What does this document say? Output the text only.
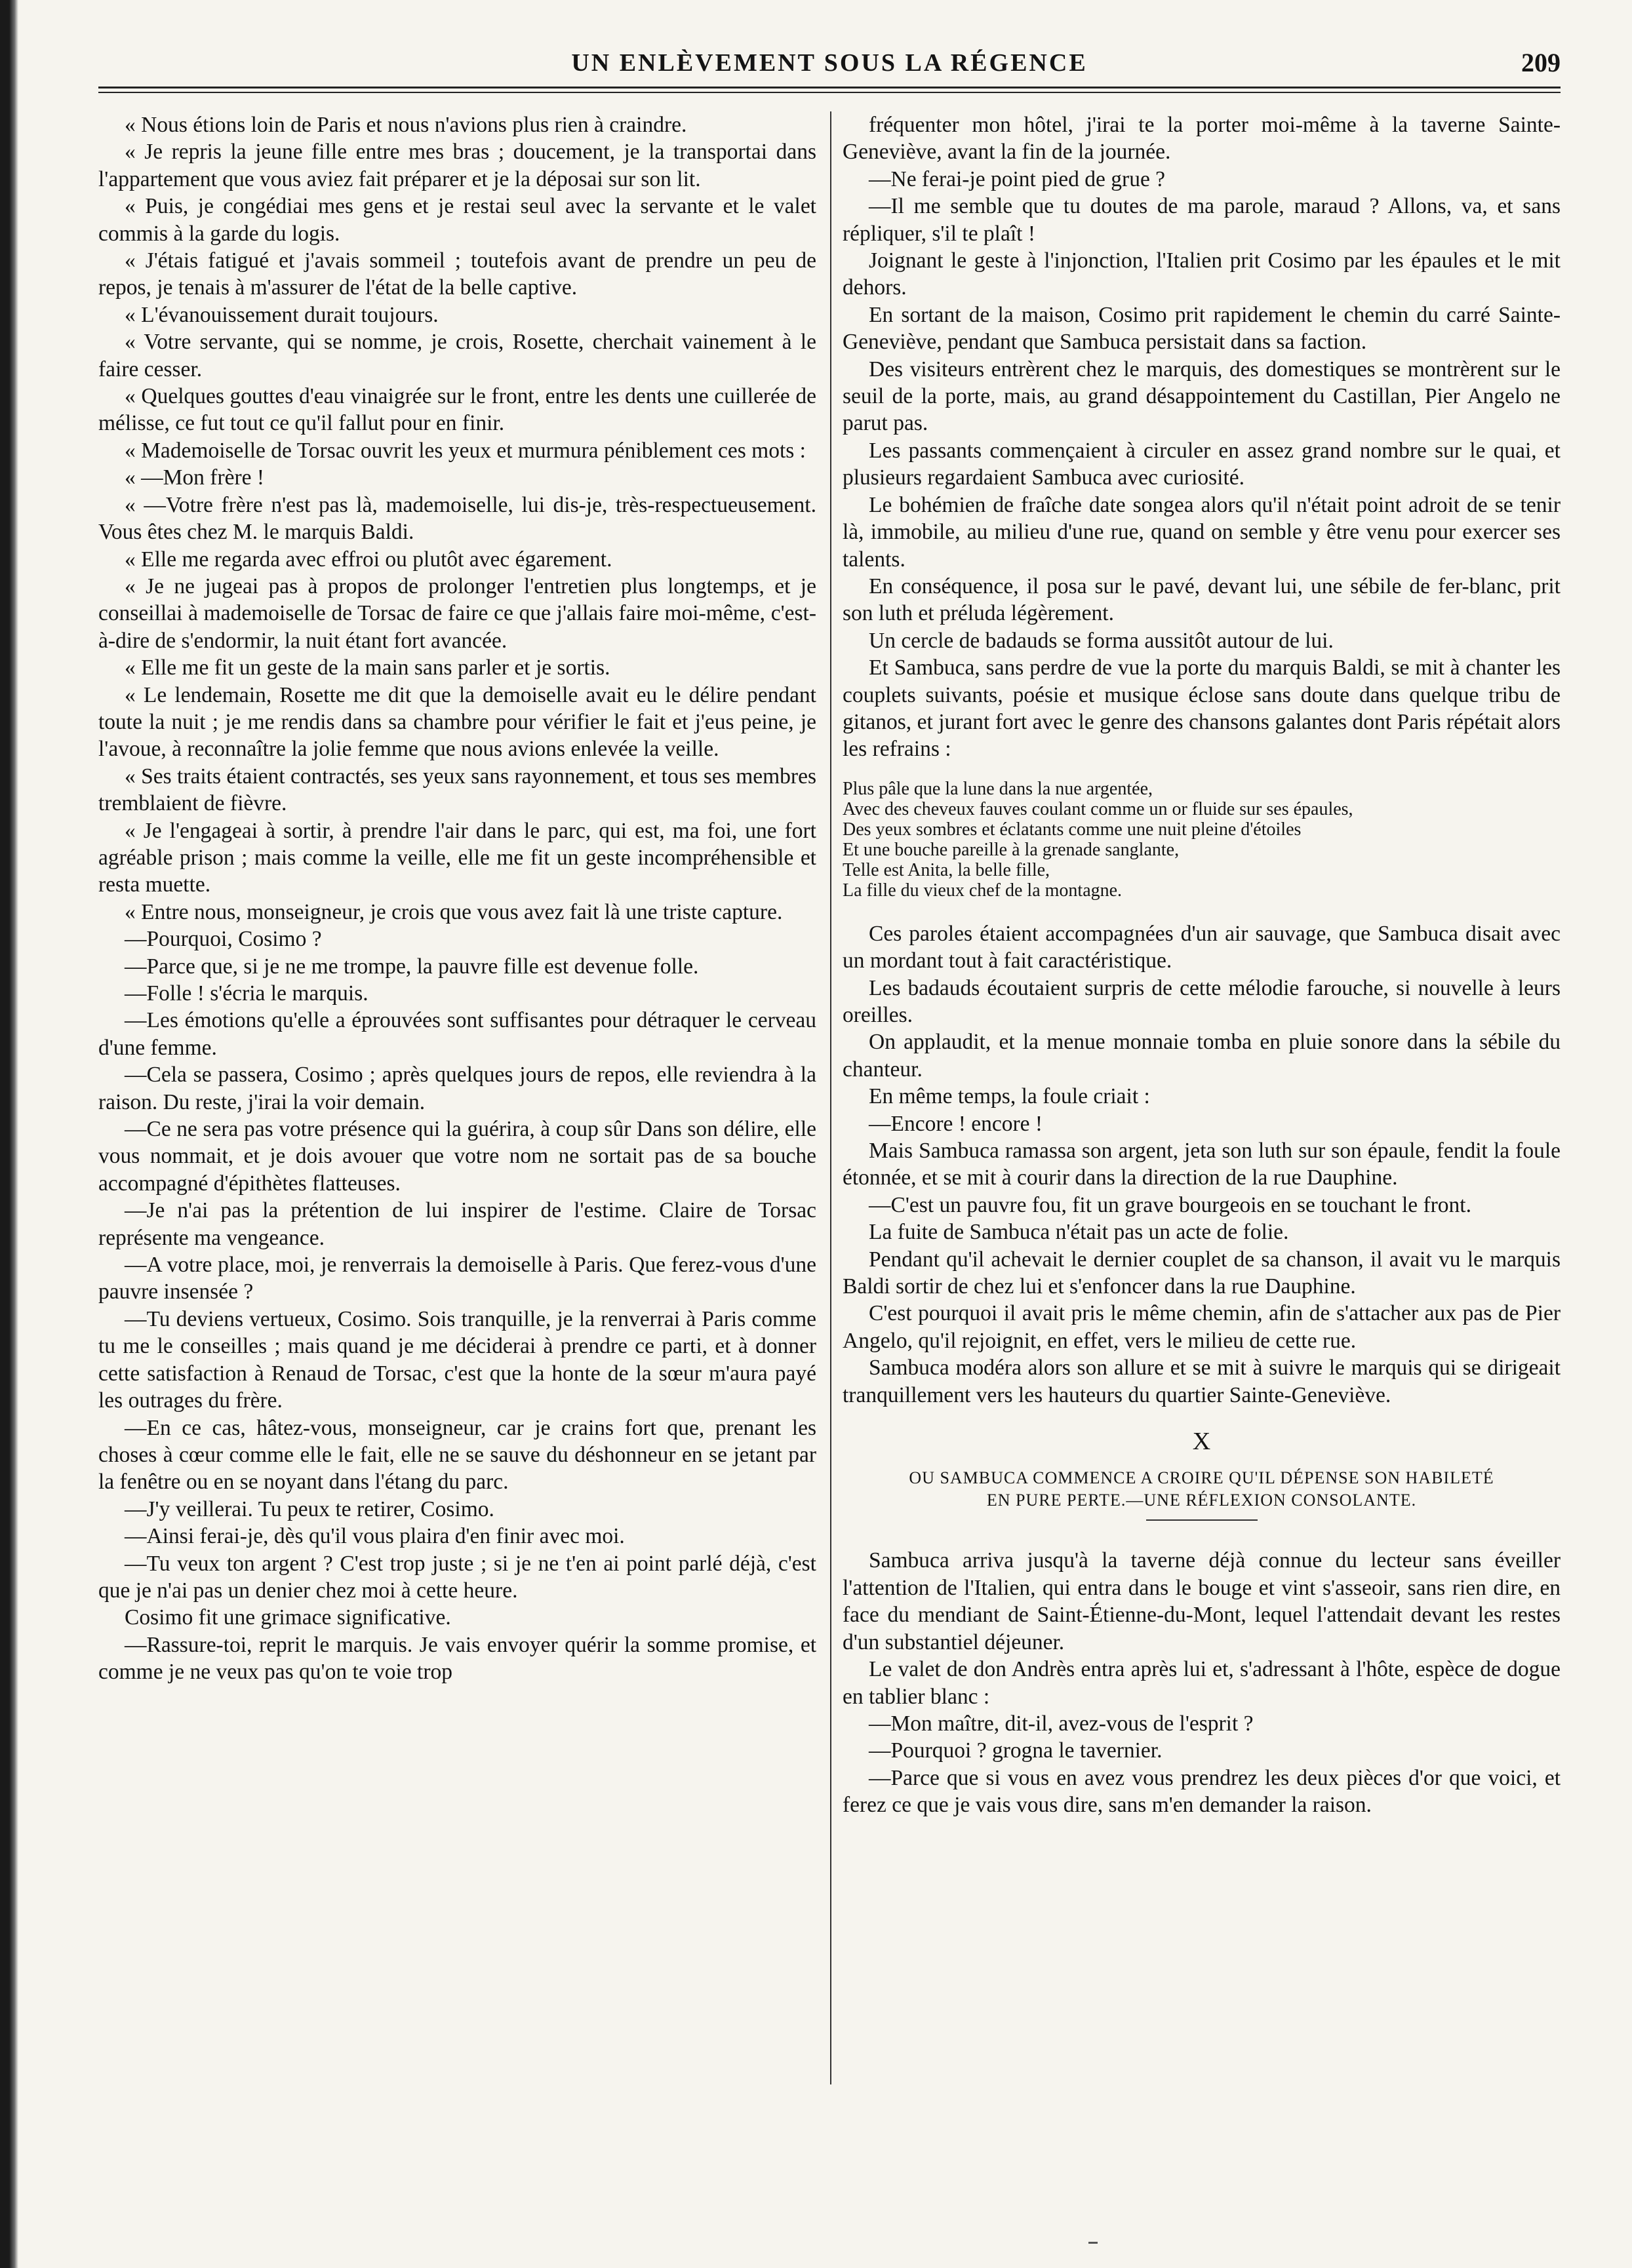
UN ENLÈVEMENT SOUS LA RÉGENCE	209

« Nous étions loin de Paris et nous n'avions plus rien à craindre.

« Je repris la jeune fille entre mes bras ; doucement, je la transportai dans l'appartement que vous aviez fait préparer et je la déposai sur son lit.

« Puis, je congédiai mes gens et je restai seul avec la servante et le valet commis à la garde du logis.

« J'étais fatigué et j'avais sommeil ; toutefois avant de prendre un peu de repos, je tenais à m'assurer de l'état de la belle captive.

« L'évanouissement durait toujours.

« Votre servante, qui se nomme, je crois, Rosette, cherchait vainement à le faire cesser.

« Quelques gouttes d'eau vinaigrée sur le front, entre les dents une cuillerée de mélisse, ce fut tout ce qu'il fallut pour en finir.

« Mademoiselle de Torsac ouvrit les yeux et murmura péniblement ces mots :

« —Mon frère !

« —Votre frère n'est pas là, mademoiselle, lui dis-je, très-respectueusement. Vous êtes chez M. le marquis Baldi.

« Elle me regarda avec effroi ou plutôt avec égarement.

« Je ne jugeai pas à propos de prolonger l'entretien plus longtemps, et je conseillai à mademoiselle de Torsac de faire ce que j'allais faire moi-même, c'est-à-dire de s'endormir, la nuit étant fort avancée.

« Elle me fit un geste de la main sans parler et je sortis.

« Le lendemain, Rosette me dit que la demoiselle avait eu le délire pendant toute la nuit ; je me rendis dans sa chambre pour vérifier le fait et j'eus peine, je l'avoue, à reconnaître la jolie femme que nous avions enlevée la veille.

« Ses traits étaient contractés, ses yeux sans rayonnement, et tous ses membres tremblaient de fièvre.

« Je l'engageai à sortir, à prendre l'air dans le parc, qui est, ma foi, une fort agréable prison ; mais comme la veille, elle me fit un geste incompréhensible et resta muette.

« Entre nous, monseigneur, je crois que vous avez fait là une triste capture.

—Pourquoi, Cosimo ?

—Parce que, si je ne me trompe, la pauvre fille est devenue folle.

—Folle ! s'écria le marquis.

—Les émotions qu'elle a éprouvées sont suffisantes pour détraquer le cerveau d'une femme.

—Cela se passera, Cosimo ; après quelques jours de repos, elle reviendra à la raison. Du reste, j'irai la voir demain.

—Ce ne sera pas votre présence qui la guérira, à coup sûr Dans son délire, elle vous nommait, et je dois avouer que votre nom ne sortait pas de sa bouche accompagné d'épithètes flatteuses.

—Je n'ai pas la prétention de lui inspirer de l'estime. Claire de Torsac représente ma vengeance.

—A votre place, moi, je renverrais la demoiselle à Paris. Que ferez-vous d'une pauvre insensée ?

—Tu deviens vertueux, Cosimo. Sois tranquille, je la renverrai à Paris comme tu me le conseilles ; mais quand je me déciderai à prendre ce parti, et à donner cette satisfaction à Renaud de Torsac, c'est que la honte de la sœur m'aura payé les outrages du frère.

—En ce cas, hâtez-vous, monseigneur, car je crains fort que, prenant les choses à cœur comme elle le fait, elle ne se sauve du déshonneur en se jetant par la fenêtre ou en se noyant dans l'étang du parc.

—J'y veillerai. Tu peux te retirer, Cosimo.

—Ainsi ferai-je, dès qu'il vous plaira d'en finir avec moi.

—Tu veux ton argent ? C'est trop juste ; si je ne t'en ai point parlé déjà, c'est que je n'ai pas un denier chez moi à cette heure.

Cosimo fit une grimace significative.

—Rassure-toi, reprit le marquis. Je vais envoyer quérir la somme promise, et comme je ne veux pas qu'on te voie trop

fréquenter mon hôtel, j'irai te la porter moi-même à la taverne Sainte-Geneviève, avant la fin de la journée.

—Ne ferai-je point pied de grue ?

—Il me semble que tu doutes de ma parole, maraud ? Allons, va, et sans répliquer, s'il te plaît !

Joignant le geste à l'injonction, l'Italien prit Cosimo par les épaules et le mit dehors.

En sortant de la maison, Cosimo prit rapidement le chemin du carré Sainte-Geneviève, pendant que Sambuca persistait dans sa faction.

Des visiteurs entrèrent chez le marquis, des domestiques se montrèrent sur le seuil de la porte, mais, au grand désappointement du Castillan, Pier Angelo ne parut pas.

Les passants commençaient à circuler en assez grand nombre sur le quai, et plusieurs regardaient Sambuca avec curiosité.

Le bohémien de fraîche date songea alors qu'il n'était point adroit de se tenir là, immobile, au milieu d'une rue, quand on semble y être venu pour exercer ses talents.

En conséquence, il posa sur le pavé, devant lui, une sébile de fer-blanc, prit son luth et préluda légèrement.

Un cercle de badauds se forma aussitôt autour de lui.

Et Sambuca, sans perdre de vue la porte du marquis Baldi, se mit à chanter les couplets suivants, poésie et musique éclose sans doute dans quelque tribu de gitanos, et jurant fort avec le genre des chansons galantes dont Paris répétait alors les refrains :

Plus pâle que la lune dans la nue argentée,
Avec des cheveux fauves coulant comme un or fluide sur ses épaules,
Des yeux sombres et éclatants comme une nuit pleine d'étoiles
Et une bouche pareille à la grenade sanglante,
Telle est Anita, la belle fille,
La fille du vieux chef de la montagne.

Ces paroles étaient accompagnées d'un air sauvage, que Sambuca disait avec un mordant tout à fait caractéristique.

Les badauds écoutaient surpris de cette mélodie farouche, si nouvelle à leurs oreilles.

On applaudit, et la menue monnaie tomba en pluie sonore dans la sébile du chanteur.

En même temps, la foule criait :

—Encore ! encore !

Mais Sambuca ramassa son argent, jeta son luth sur son épaule, fendit la foule étonnée, et se mit à courir dans la direction de la rue Dauphine.

—C'est un pauvre fou, fit un grave bourgeois en se touchant le front.

La fuite de Sambuca n'était pas un acte de folie.

Pendant qu'il achevait le dernier couplet de sa chanson, il avait vu le marquis Baldi sortir de chez lui et s'enfoncer dans la rue Dauphine.

C'est pourquoi il avait pris le même chemin, afin de s'attacher aux pas de Pier Angelo, qu'il rejoignit, en effet, vers le milieu de cette rue.

Sambuca modéra alors son allure et se mit à suivre le marquis qui se dirigeait tranquillement vers les hauteurs du quartier Sainte-Geneviève.

X
OU SAMBUCA COMMENCE A CROIRE QU'IL DÉPENSE SON HABILETÉ
EN PURE PERTE.—UNE RÉFLEXION CONSOLANTE.

Sambuca arriva jusqu'à la taverne déjà connue du lecteur sans éveiller l'attention de l'Italien, qui entra dans le bouge et vint s'asseoir, sans rien dire, en face du mendiant de Saint-Étienne-du-Mont, lequel l'attendait devant les restes d'un substantiel déjeuner.

Le valet de don Andrès entra après lui et, s'adressant à l'hôte, espèce de dogue en tablier blanc :

—Mon maître, dit-il, avez-vous de l'esprit ?

—Pourquoi ? grogna le tavernier.

—Parce que si vous en avez vous prendrez les deux pièces d'or que voici, et ferez ce que je vais vous dire, sans m'en demander la raison.
